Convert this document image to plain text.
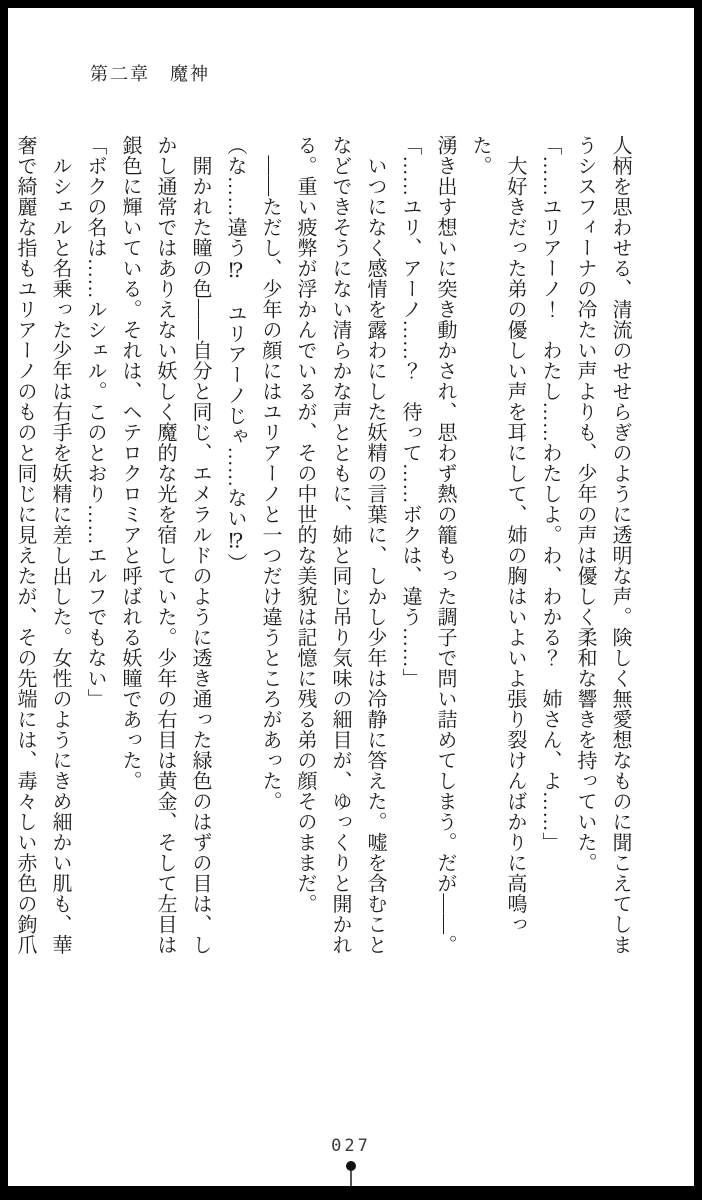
第二章　魔神

人柄を思わせる、清流のせせらぎのように透明な声。険しく無愛想なものに聞こえてしま

うシスフィーナの冷たい声よりも、少年の声は優しく柔和な響きを持っていた。

「……ユリアーノ！　わたし……わたしよ。わ、わかる？　姉さん、よ……」

　大好きだった弟の優しい声を耳にして、姉の胸はいよいよ張り裂けんばかりに高鳴った。

湧き出す想いに突き動かされ、思わず熱の籠もった調子で問い詰めてしまう。だが――。

「……ユリ、アーノ……？　待って……ボクは、違う……」

　いつになく感情を露わにした妖精の言葉に、しかし少年は冷静に答えた。嘘を含むこと

などできそうにない清らかな声とともに、姉と同じ吊り気味の細目が、ゆっくりと開かれ

る。重い疲弊が浮かんでいるが、その中世的な美貌は記憶に残る弟の顔そのままだ。

　――ただし、少年の顔にはユリアーノと一つだけ違うところがあった。

（な……違う⁉　ユリアーノじゃ……ない⁉）

　開かれた瞳の色――自分と同じ、エメラルドのように透き通った緑色のはずの目は、し

かし通常ではありえない妖しく魔的な光を宿していた。少年の右目は黄金、そして左目は

銀色に輝いている。それは、ヘテロクロミアと呼ばれる妖瞳であった。

「ボクの名は……ルシェル。このとおり……エルフでもない」

　ルシェルと名乗った少年は右手を妖精に差し出した。女性のようにきめ細かい肌も、華

奢で綺麗な指もユリアーノのものと同じに見えたが、その先端には、毒々しい赤色の鉤爪

027
